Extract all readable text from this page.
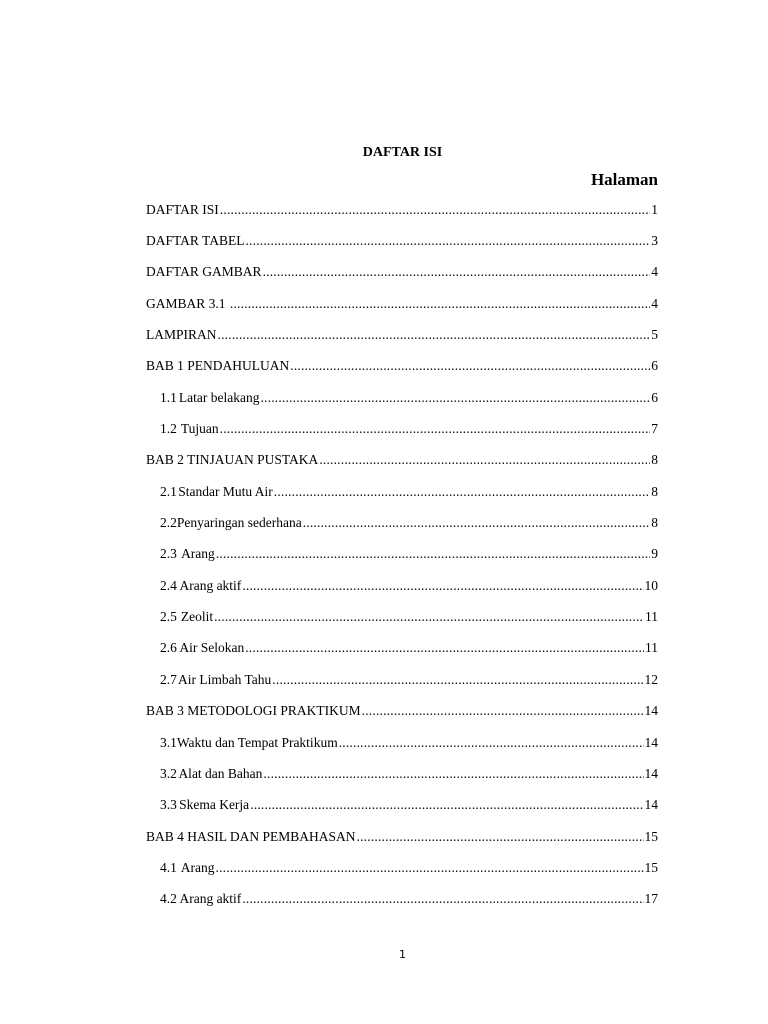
DAFTAR ISI
Halaman
DAFTAR ISI .....	1
DAFTAR TABEL .....	3
DAFTAR GAMBAR .....	4
GAMBAR 3.1 .....	4
LAMPIRAN .....	5
BAB 1 PENDAHULUAN .....	6
1.1 Latar belakang .....	6
1.2 Tujuan .....	7
BAB 2 TINJAUAN PUSTAKA .....	8
2.1 Standar Mutu Air .....	8
2.2 Penyaringan sederhana .....	8
2.3 Arang .....	9
2.4 Arang aktif .....	10
2.5 Zeolit .....	11
2.6 Air Selokan .....	11
2.7 Air Limbah Tahu .....	12
BAB 3 METODOLOGI PRAKTIKUM .....	14
3.1 Waktu dan Tempat Praktikum .....	14
3.2 Alat dan Bahan .....	14
3.3 Skema Kerja .....	14
BAB 4 HASIL DAN PEMBAHASAN .....	15
4.1 Arang .....	15
4.2 Arang aktif .....	17
1
